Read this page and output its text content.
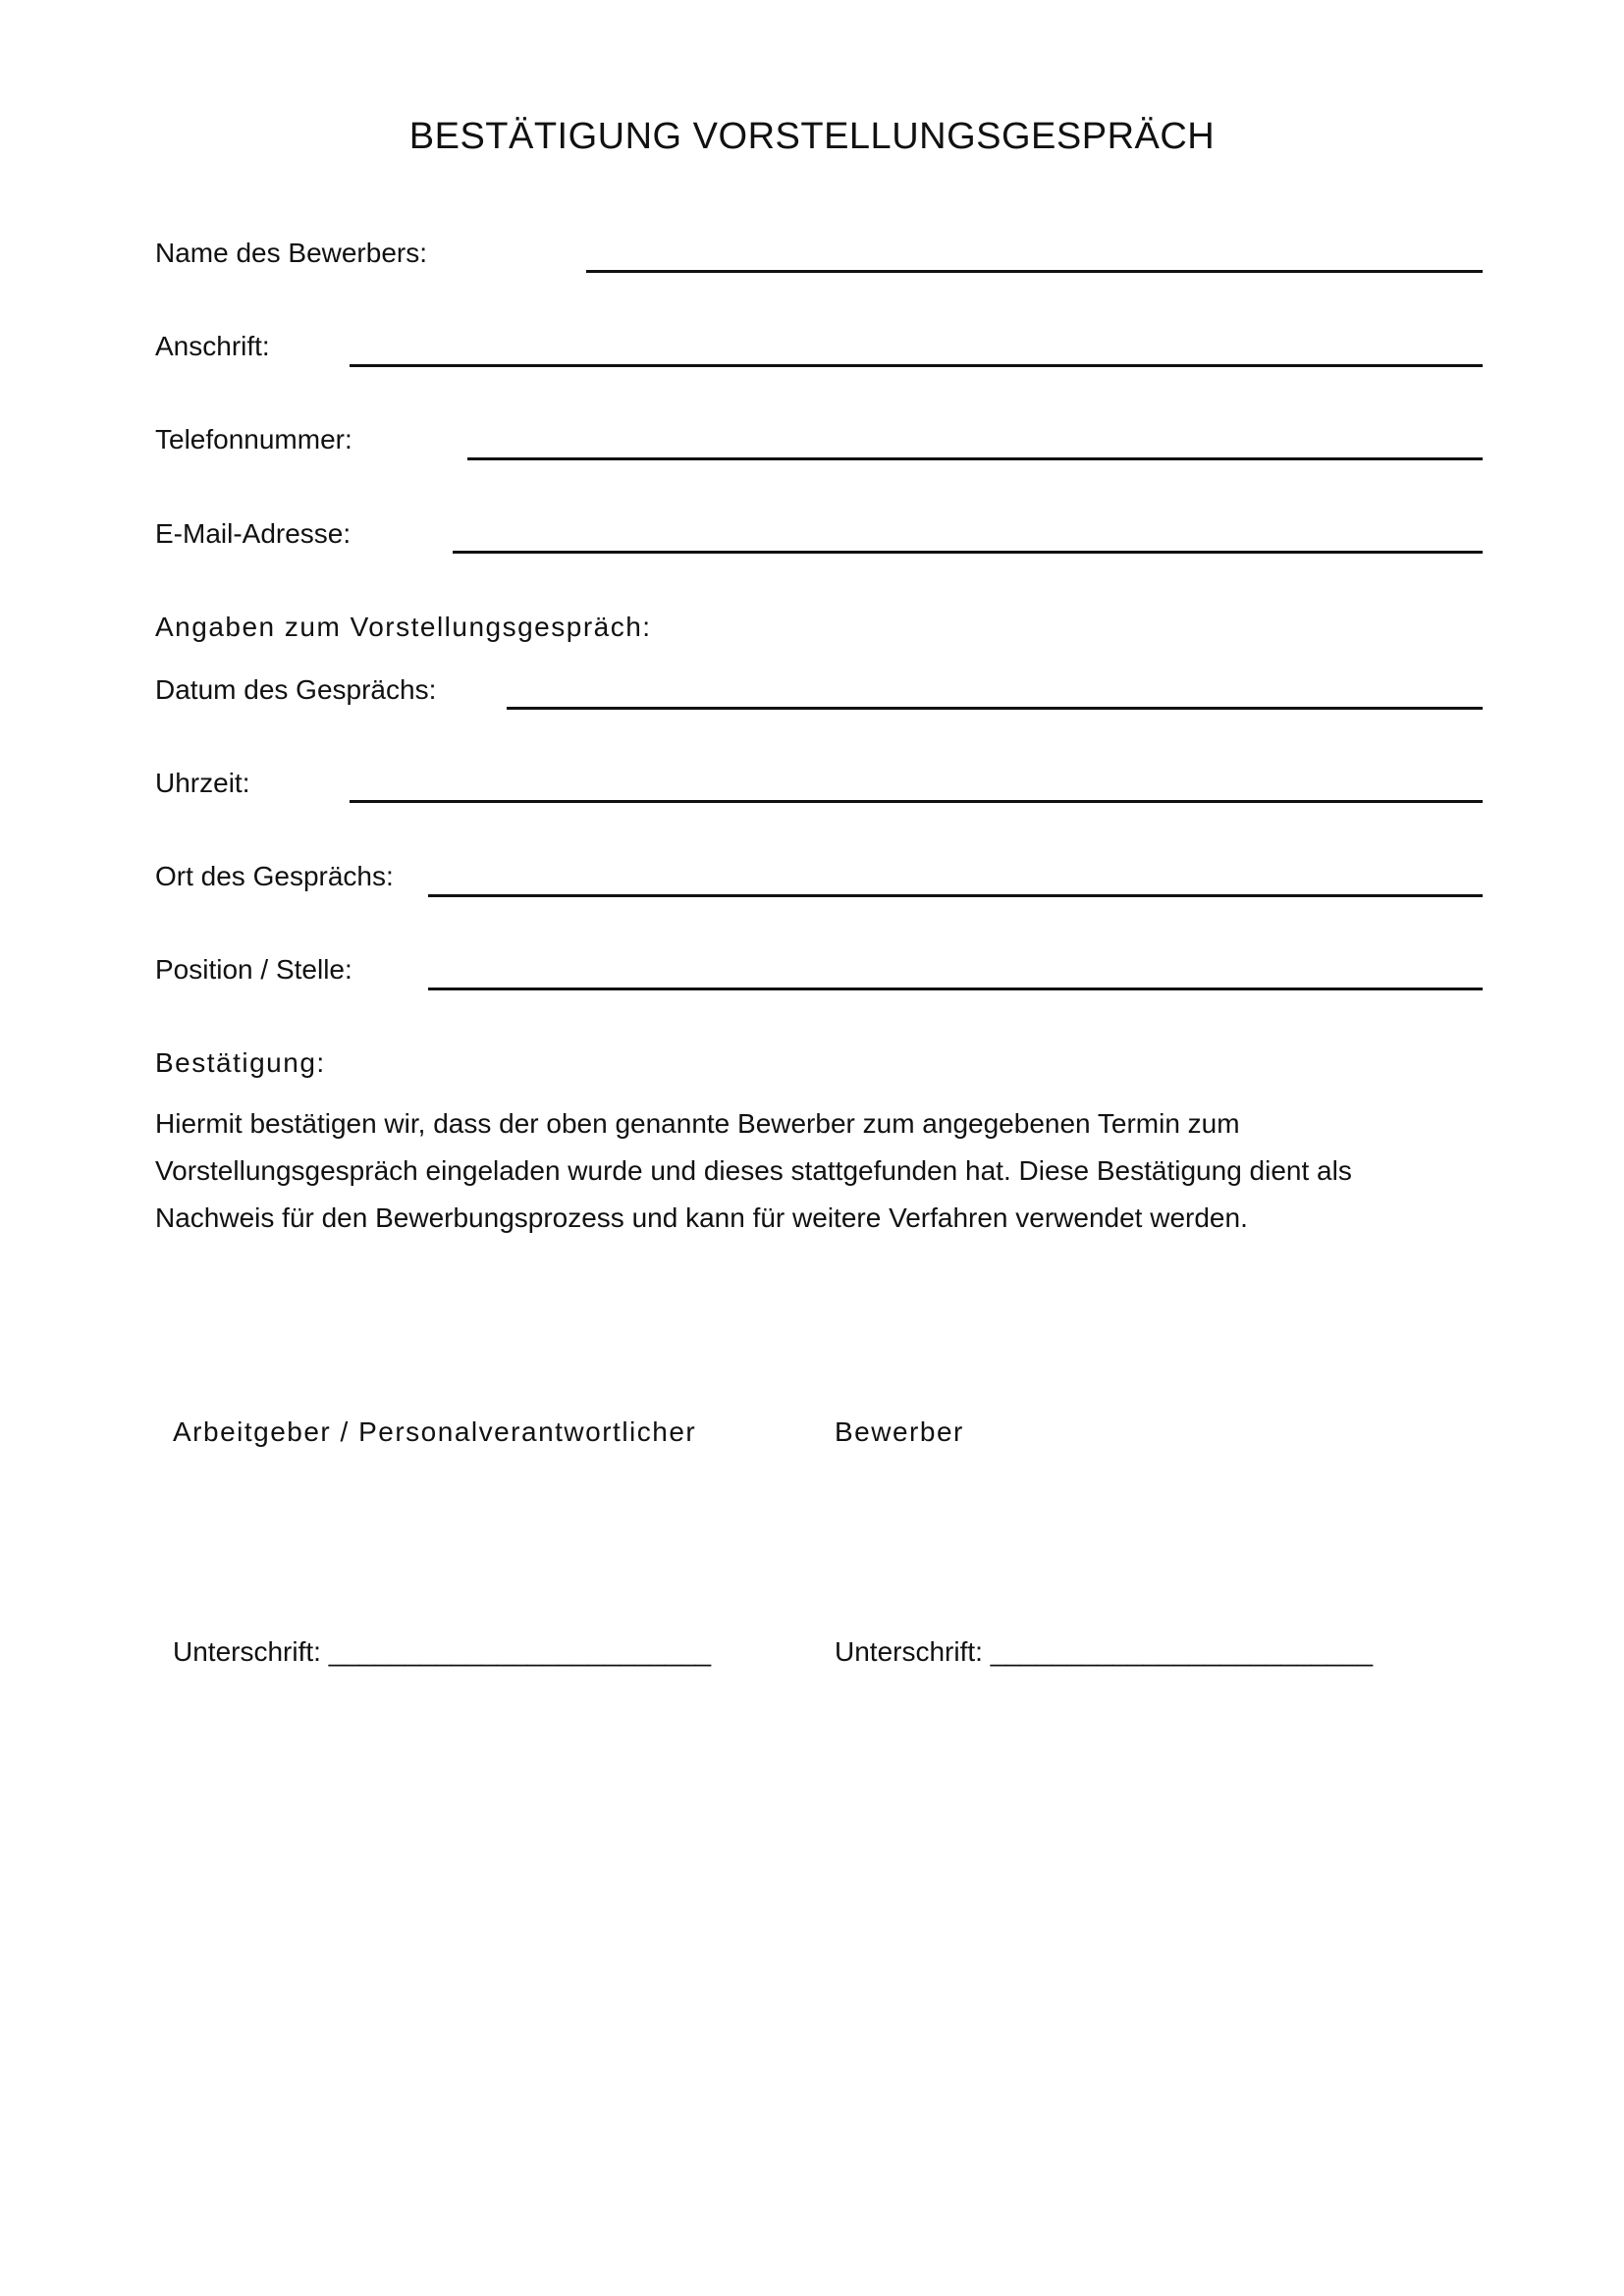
BESTÄTIGUNG VORSTELLUNGSGESPRÄCH
Name des Bewerbers:
Anschrift:
Telefonnummer:
E-Mail-Adresse:
Angaben zum Vorstellungsgespräch:
Datum des Gesprächs:
Uhrzeit:
Ort des Gesprächs:
Position / Stelle:
Bestätigung:
Hiermit bestätigen wir, dass der oben genannte Bewerber zum angegebenen Termin zum
Vorstellungsgespräch eingeladen wurde und dieses stattgefunden hat. Diese Bestätigung dient als
Nachweis für den Bewerbungsprozess und kann für weitere Verfahren verwendet werden.
Arbeitgeber / Personalverantwortlicher	Bewerber
Unterschrift: _________________________	Unterschrift: _________________________
